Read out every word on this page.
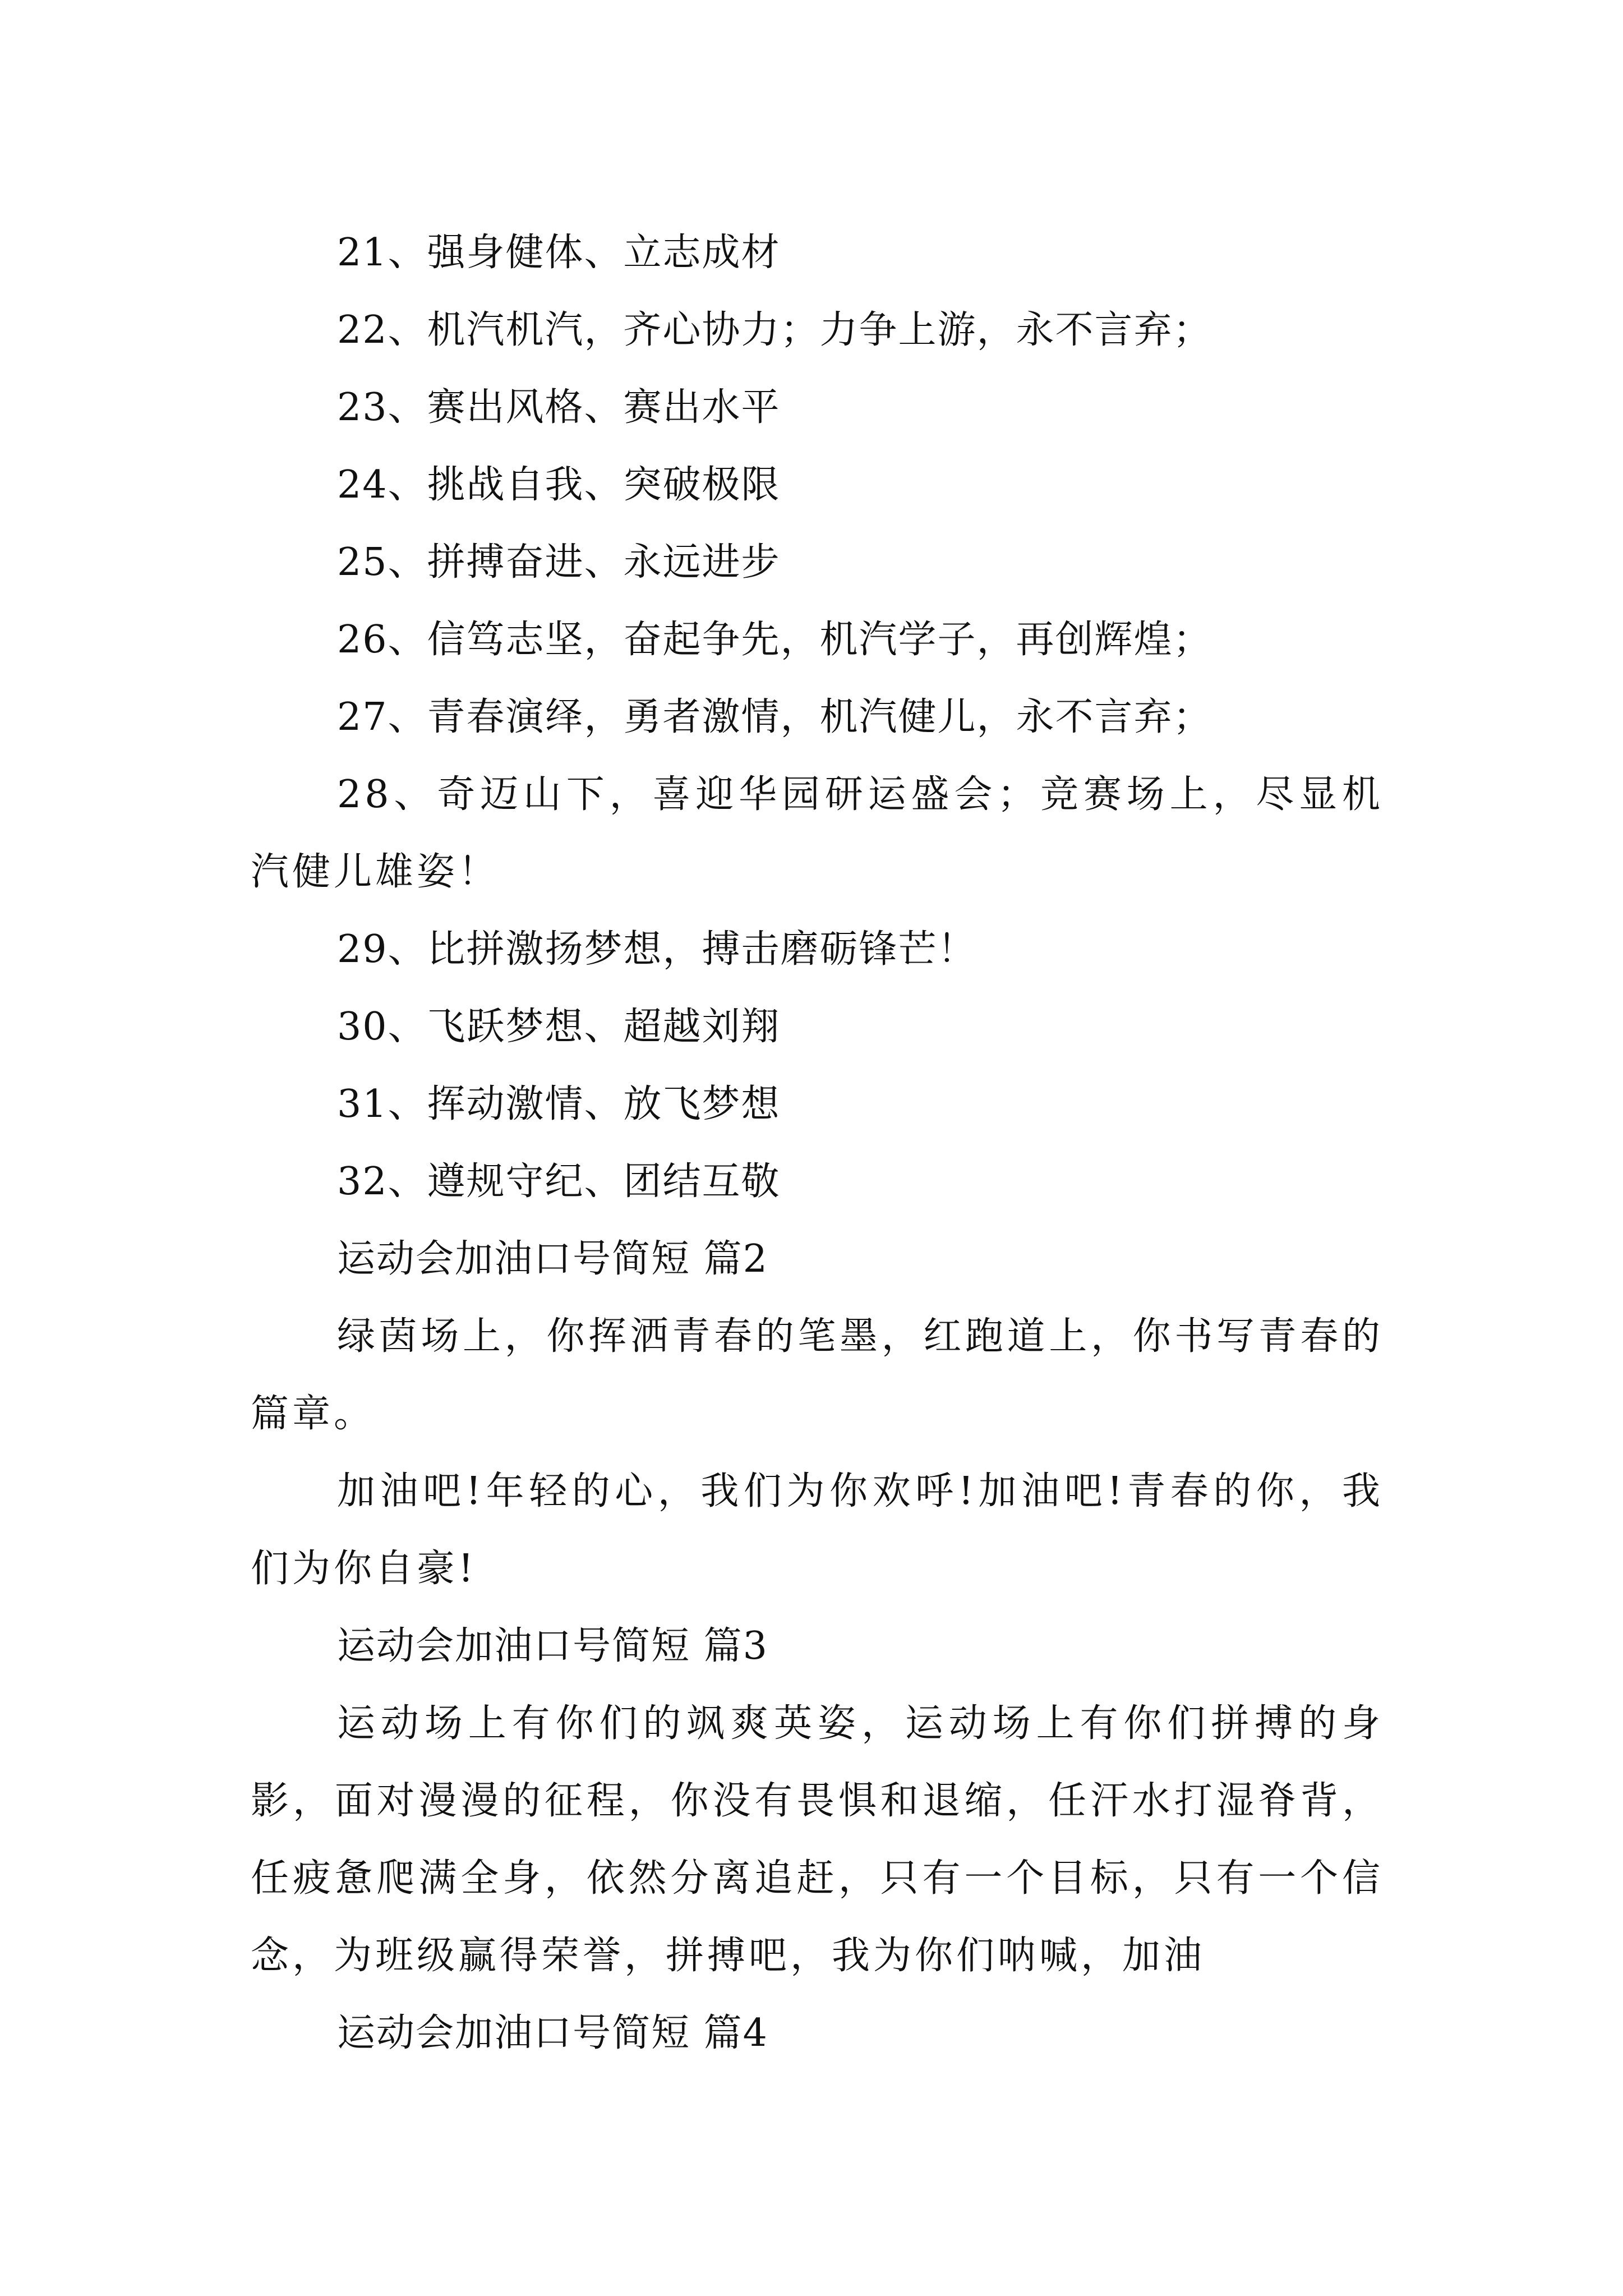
21、强身健体、立志成材
22、机汽机汽，齐心协力；力争上游，永不言弃；
23、赛出风格、赛出水平
24、挑战自我、突破极限
25、拼搏奋进、永远进步
26、信笃志坚，奋起争先，机汽学子，再创辉煌；
27、青春演绎，勇者激情，机汽健儿，永不言弃；
28、奇迈山下，喜迎华园研运盛会；竞赛场上，尽显机汽健儿雄姿！
29、比拼激扬梦想，搏击磨砺锋芒！
30、飞跃梦想、超越刘翔
31、挥动激情、放飞梦想
32、遵规守纪、团结互敬
运动会加油口号简短 篇2
绿茵场上，你挥洒青春的笔墨，红跑道上，你书写青春的篇章。
加油吧!年轻的心，我们为你欢呼!加油吧!青春的你，我们为你自豪!
运动会加油口号简短 篇3
运动场上有你们的飒爽英姿，运动场上有你们拼搏的身影，面对漫漫的征程，你没有畏惧和退缩，任汗水打湿脊背，任疲惫爬满全身，依然分离追赶，只有一个目标，只有一个信念，为班级赢得荣誉，拼搏吧，我为你们呐喊，加油
运动会加油口号简短 篇4
